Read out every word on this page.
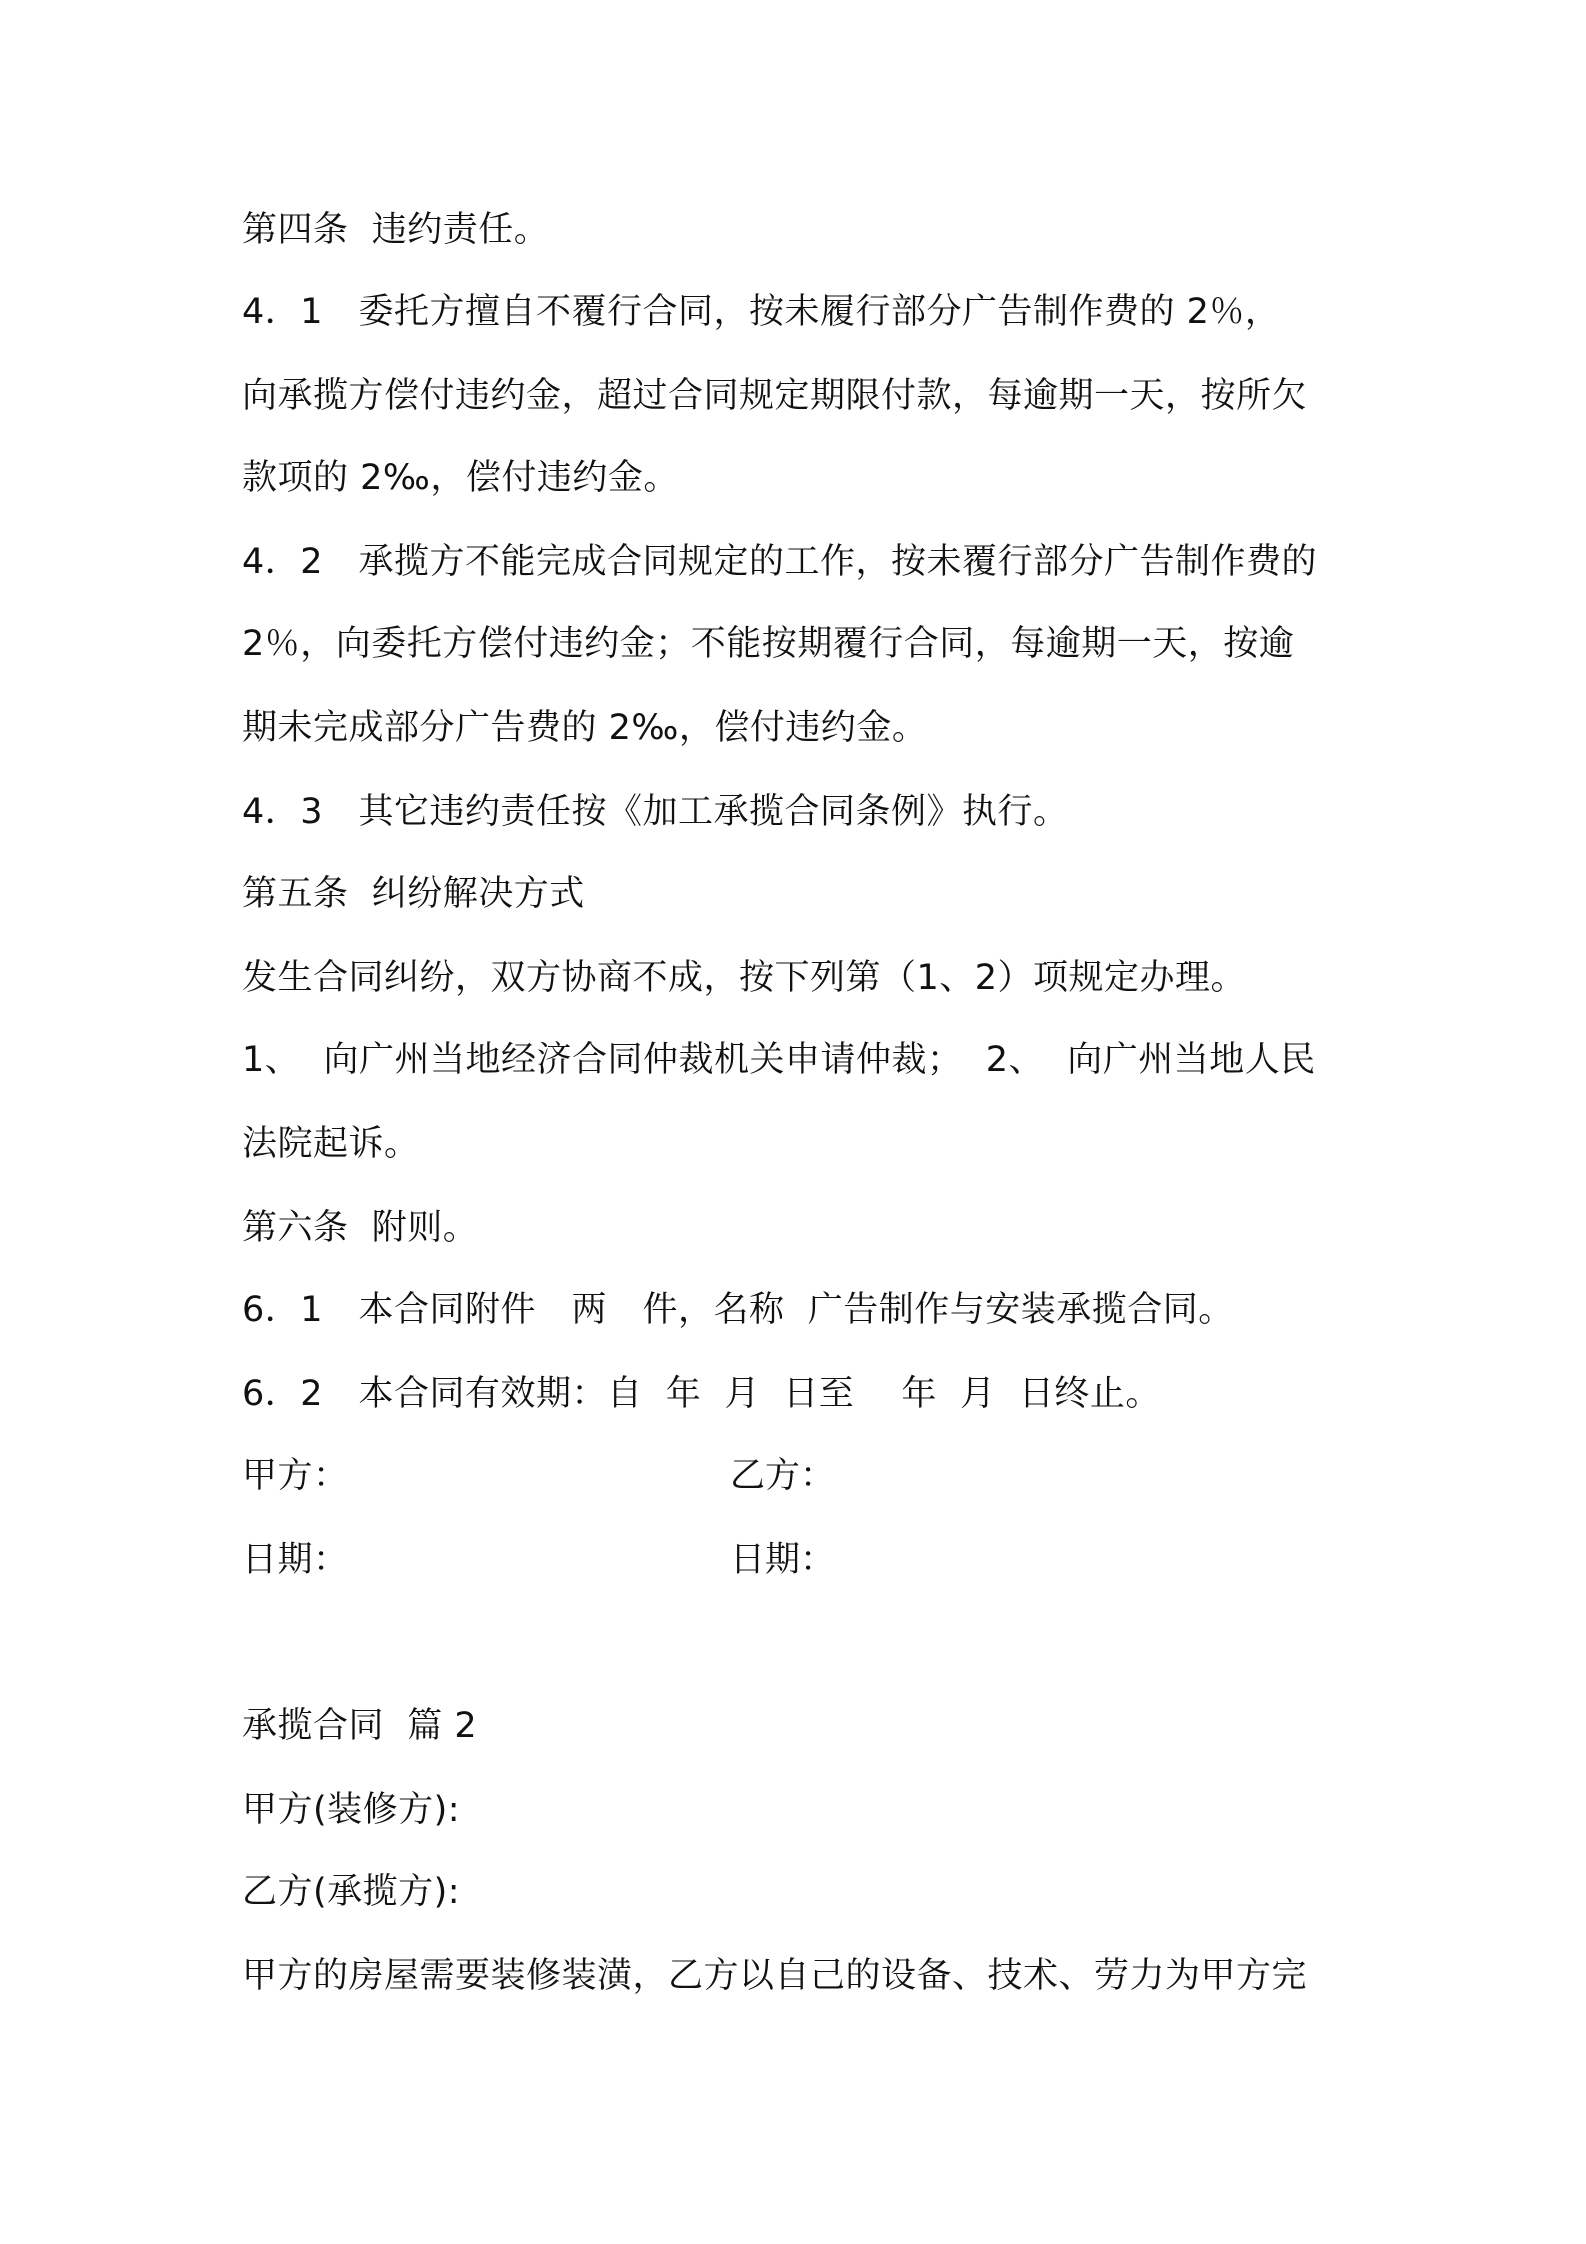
第四条  违约责任。
4．1　委托方擅自不覆行合同，按未履行部分广告制作费的 2％，
向承揽方偿付违约金，超过合同规定期限付款，每逾期一天，按所欠
款项的 2‰，偿付违约金。
4．2　承揽方不能完成合同规定的工作，按未覆行部分广告制作费的
2％，向委托方偿付违约金；不能按期覆行合同，每逾期一天，按逾
期未完成部分广告费的 2‰，偿付违约金。
4．3　其它违约责任按《加工承揽合同条例》执行。
第五条  纠纷解决方式
发生合同纠纷，双方协商不成，按下列第（1、2）项规定办理。
1、  向广州当地经济合同仲裁机关申请仲裁；  2、  向广州当地人民
法院起诉。
第六条  附则。
6．1　本合同附件　两　件，名称  广告制作与安装承揽合同。
6．2　本合同有效期：自  年  月  日至　 年  月  日终止。
甲方：	乙方：
日期：	日期：
承揽合同  篇 2
甲方(装修方):
乙方(承揽方):
甲方的房屋需要装修装潢，乙方以自己的设备、技术、劳力为甲方完
